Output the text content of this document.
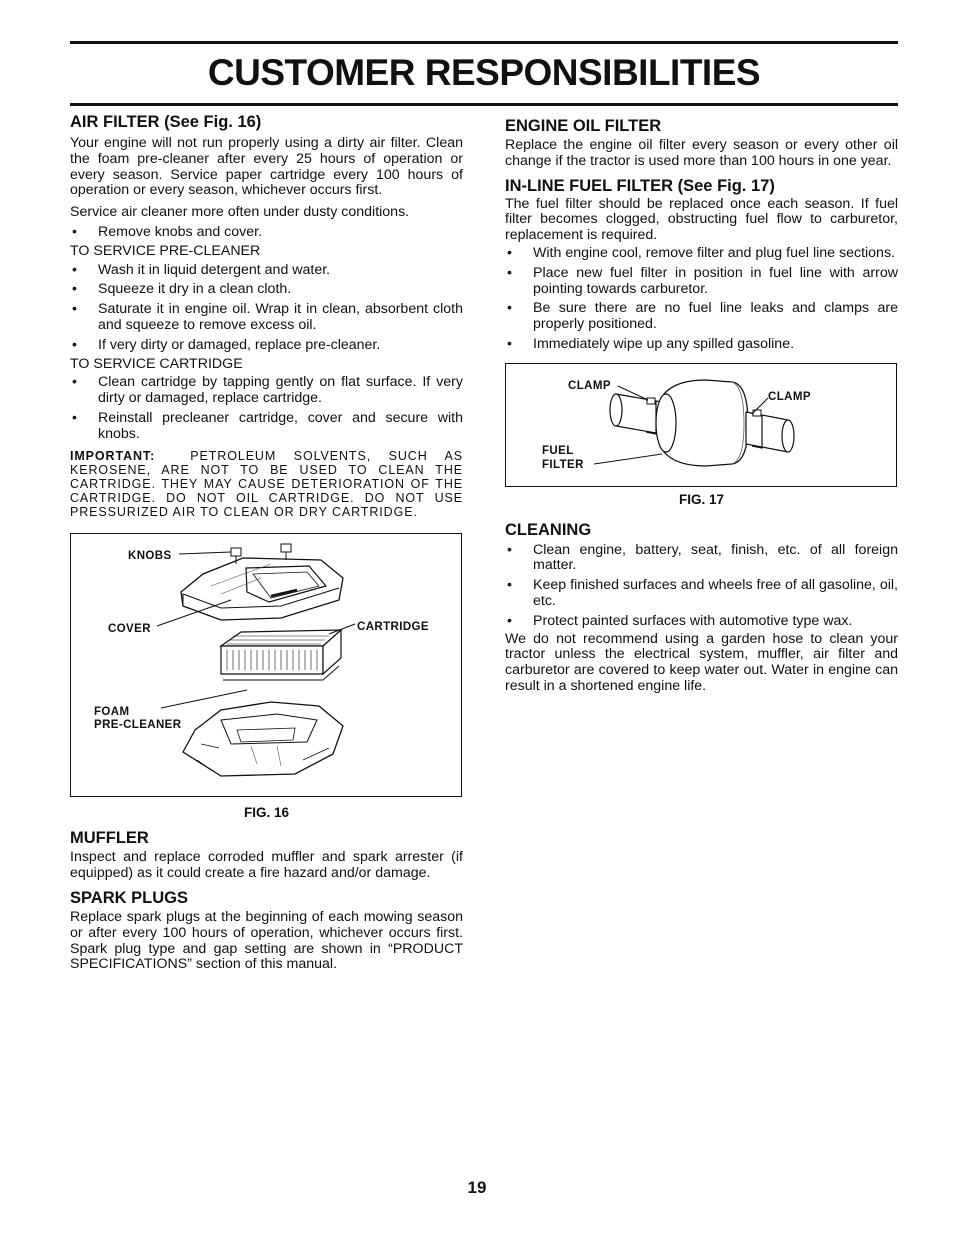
CUSTOMER RESPONSIBILITIES
AIR FILTER (See Fig. 16)

Your engine will not run properly using a dirty air filter. Clean the foam pre-cleaner after every 25 hours of operation or every season. Service paper cartridge every 100 hours of operation or every season, whichever occurs first.

Service air cleaner more often under dusty conditions.

• Remove knobs and cover.

TO SERVICE PRE-CLEANER

• Wash it in liquid detergent and water.
• Squeeze it dry in a clean cloth.
• Saturate it in engine oil. Wrap it in clean, absorbent cloth and squeeze to remove excess oil.
• If very dirty or damaged, replace pre-cleaner.

TO SERVICE CARTRIDGE

• Clean cartridge by tapping gently on flat surface. If very dirty or damaged, replace cartridge.
• Reinstall precleaner cartridge, cover and secure with knobs.

IMPORTANT:	PETROLEUM SOLVENTS, SUCH AS KEROSENE, ARE NOT TO BE USED TO CLEAN THE CARTRIDGE. THEY MAY CAUSE DETERIORATION OF THE CARTRIDGE. DO NOT OIL CARTRIDGE. DO NOT USE PRESSURIZED AIR TO CLEAN OR DRY CARTRIDGE.

KNOBS
COVER	CARTRIDGE
FOAM
PRE-CLEANER

FIG. 16

MUFFLER

Inspect and replace corroded muffler and spark arrester (if equipped) as it could create a fire hazard and/or damage.

SPARK PLUGS

Replace spark plugs at the beginning of each mowing season or after every 100 hours of operation, whichever occurs first. Spark plug type and gap setting are shown in “PRODUCT SPECIFICATIONS” section of this manual.

ENGINE OIL FILTER

Replace the engine oil filter every season or every other oil change if the tractor is used more than 100 hours in one year.

IN-LINE FUEL FILTER (See Fig. 17)

The fuel filter should be replaced once each season. If fuel filter becomes clogged, obstructing fuel flow to carburetor, replacement is required.

• With engine cool, remove filter and plug fuel line sections.
• Place new fuel filter in position in fuel line with arrow pointing towards carburetor.
• Be sure there are no fuel line leaks and clamps are properly positioned.
• Immediately wipe up any spilled gasoline.
CLAMP
CLAMP
FUEL
FILTER

FIG. 17

CLEANING
• Clean engine, battery, seat, finish, etc. of all foreign matter.
• Keep finished surfaces and wheels free of all gasoline, oil, etc.
• Protect painted surfaces with automotive type wax.

We do not recommend using a garden hose to clean your tractor unless the electrical system, muffler, air filter and carburetor are covered to keep water out. Water in engine can result in a shortened engine life.

19
